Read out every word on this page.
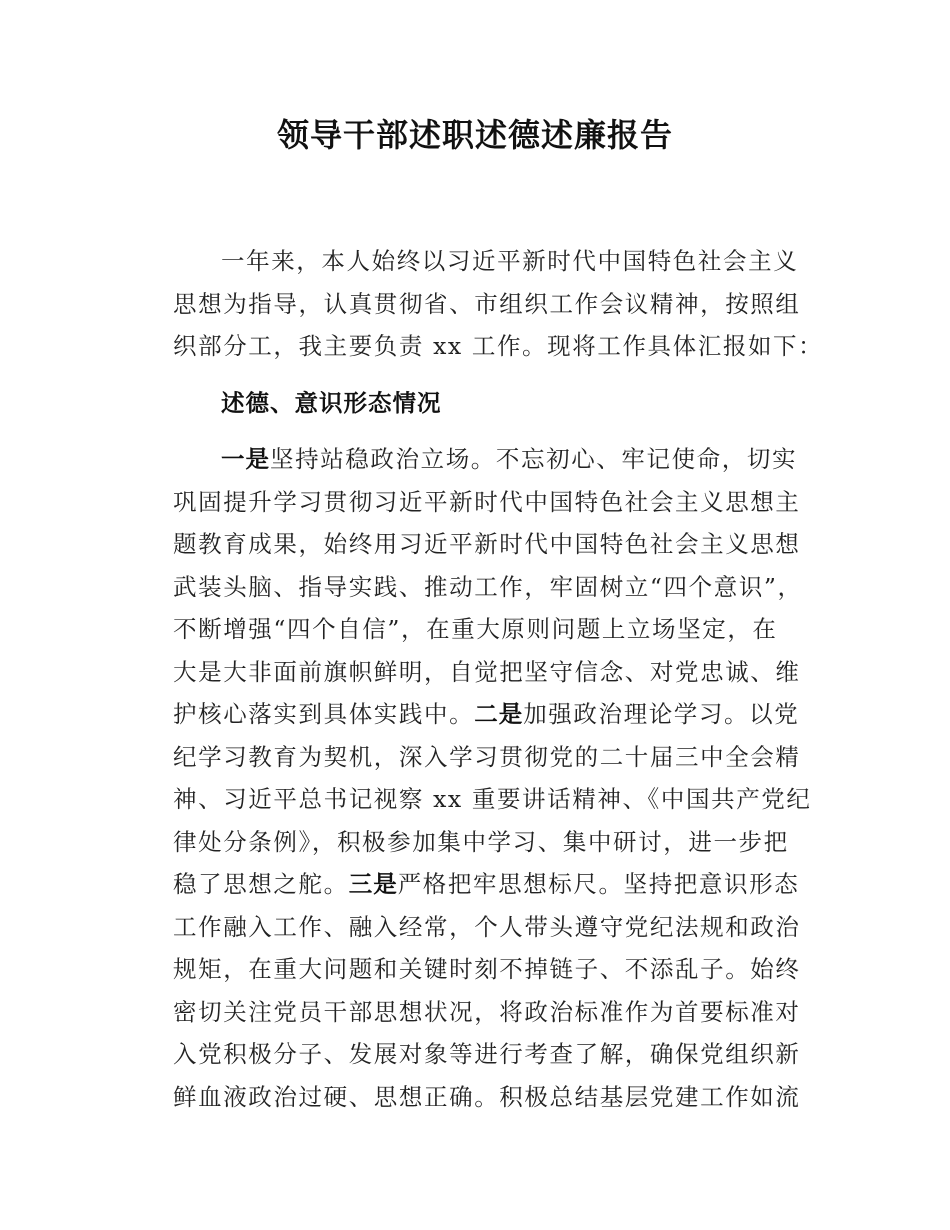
领导干部述职述德述廉报告
一年来，本人始终以习近平新时代中国特色社会主义
思想为指导，认真贯彻省、市组织工作会议精神，按照组
织部分工，我主要负责 xx 工作。现将工作具体汇报如下：
述德、意识形态情况
一是坚持站稳政治立场。不忘初心、牢记使命，切实
巩固提升学习贯彻习近平新时代中国特色社会主义思想主
题教育成果，始终用习近平新时代中国特色社会主义思想
武装头脑、指导实践、推动工作，牢固树立“四个意识”，
不断增强“四个自信”，在重大原则问题上立场坚定，在
大是大非面前旗帜鲜明，自觉把坚守信念、对党忠诚、维
护核心落实到具体实践中。二是加强政治理论学习。以党
纪学习教育为契机，深入学习贯彻党的二十届三中全会精
神、习近平总书记视察 xx 重要讲话精神、《中国共产党纪
律处分条例》，积极参加集中学习、集中研讨，进一步把
稳了思想之舵。三是严格把牢思想标尺。坚持把意识形态
工作融入工作、融入经常，个人带头遵守党纪法规和政治
规矩，在重大问题和关键时刻不掉链子、不添乱子。始终
密切关注党员干部思想状况，将政治标准作为首要标准对
入党积极分子、发展对象等进行考查了解，确保党组织新
鲜血液政治过硬、思想正确。积极总结基层党建工作如流
